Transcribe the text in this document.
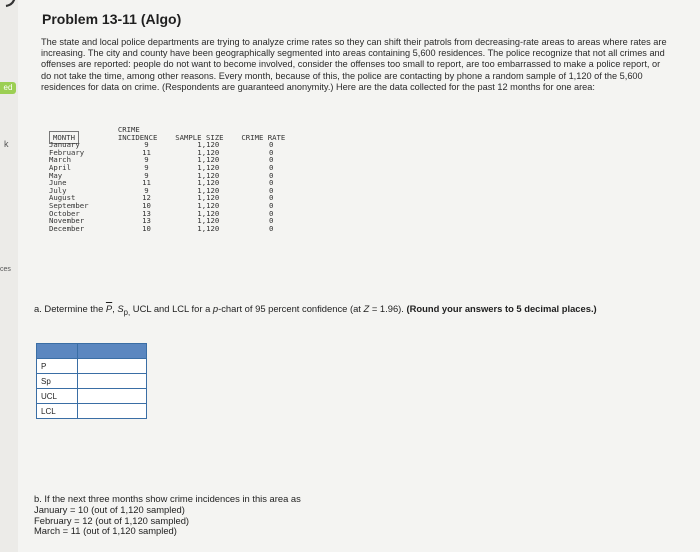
ed
k
ces
Problem 13-11 (Algo)
The state and local police departments are trying to analyze crime rates so they can shift their patrols from decreasing-rate areas to areas where rates are increasing. The city and county have been geographically segmented into areas containing 5,600 residences. The police recognize that not all crimes and offenses are reported: people do not want to become involved, consider the offenses too small to report, are too embarrassed to make a police report, or do not take the time, among other reasons. Every month, because of this, the police are contacting by phone a random sample of 1,120 of the 5,600 residences for data on crime. (Respondents are guaranteed anonymity.) Here are the data collected for the past 12 months for one area:
MONTH	CRIME INCIDENCE	SAMPLE SIZE	CRIME RATE
January	9	1,120	0
February	11	1,120	0
March	9	1,120	0
April	9	1,120	0
May	9	1,120	0
June	11	1,120	0
July	9	1,120	0
August	12	1,120	0
September	10	1,120	0
October	13	1,120	0
November	13	1,120	0
December	10	1,120	0
a. Determine the $\overline{P}$, $S_{p,}$ UCL and LCL for a p-chart of 95 percent confidence (at Z = 1.96). (Round your answers to 5 decimal places.)

P	
Sp	
UCL	
LCL	
b. If the next three months show crime incidences in this area as
January = 10 (out of 1,120 sampled)
February = 12 (out of 1,120 sampled)
March = 11 (out of 1,120 sampled)
